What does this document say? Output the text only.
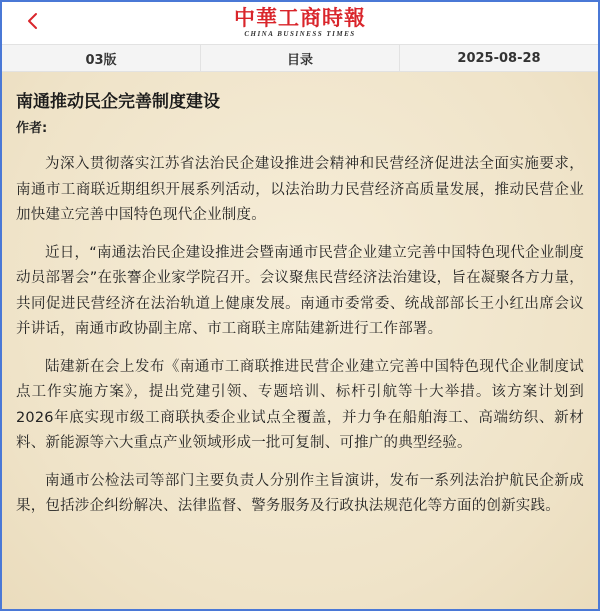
中華工商時報
CHINA BUSINESS TIMES
03版	目录	2025-08-28
南通推动民企完善制度建设
作者:

为深入贯彻落实江苏省法治民企建设推进会精神和民营经济促进法全面实施要求，南通市工商联近期组织开展系列活动，以法治助力民营经济高质量发展，推动民营企业加快建立完善中国特色现代企业制度。

近日，“南通法治民企建设推进会暨南通市民营企业建立完善中国特色现代企业制度动员部署会”在张謇企业家学院召开。会议聚焦民营经济法治建设，旨在凝聚各方力量，共同促进民营经济在法治轨道上健康发展。南通市委常委、统战部部长王小红出席会议并讲话，南通市政协副主席、市工商联主席陆建新进行工作部署。

陆建新在会上发布《南通市工商联推进民营企业建立完善中国特色现代企业制度试点工作实施方案》，提出党建引领、专题培训、标杆引航等十大举措。该方案计划到2026年底实现市级工商联执委企业试点全覆盖，并力争在船舶海工、高端纺织、新材料、新能源等六大重点产业领域形成一批可复制、可推广的典型经验。

南通市公检法司等部门主要负责人分别作主旨演讲，发布一系列法治护航民企新成果，包括涉企纠纷解决、法律监督、警务服务及行政执法规范化等方面的创新实践。
